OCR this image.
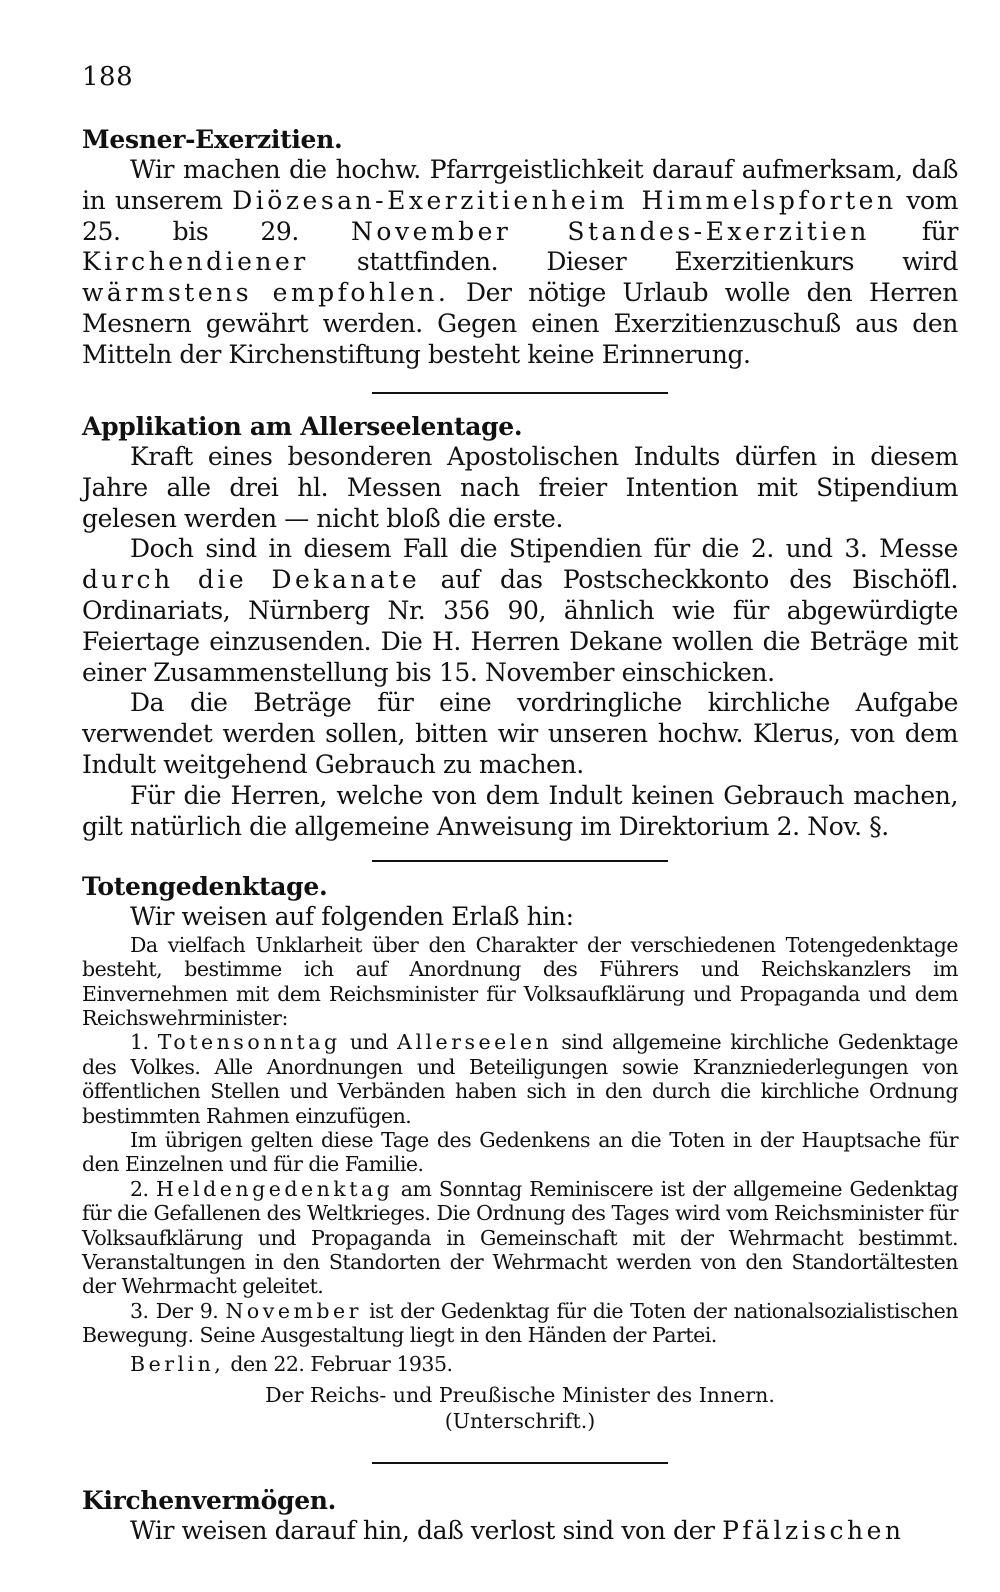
188
Mesner-Exerzitien.

Wir machen die hochw. Pfarrgeistlichkeit darauf aufmerksam, daß in unserem Diözesan-Exerzitienheim Himmelspforten vom 25. bis 29. November Standes-Exerzitien für Kirchendiener stattfinden. Dieser Exerzitienkurs wird wärmstens empfohlen. Der nötige Urlaub wolle den Herren Mesnern gewährt werden. Gegen einen Exerzitienzuschuß aus den Mitteln der Kirchenstiftung besteht keine Erinnerung.

Applikation am Allerseelentage.

Kraft eines besonderen Apostolischen Indults dürfen in diesem Jahre alle drei hl. Messen nach freier Intention mit Stipendium gelesen werden — nicht bloß die erste.

Doch sind in diesem Fall die Stipendien für die 2. und 3. Messe durch die Dekanate auf das Postscheckkonto des Bischöfl. Ordinariats, Nürnberg Nr. 356 90, ähnlich wie für abgewürdigte Feiertage einzusenden. Die H. Herren Dekane wollen die Beträge mit einer Zusammenstellung bis 15. November einschicken.

Da die Beträge für eine vordringliche kirchliche Aufgabe verwendet werden sollen, bitten wir unseren hochw. Klerus, von dem Indult weitgehend Gebrauch zu machen.

Für die Herren, welche von dem Indult keinen Gebrauch machen, gilt natürlich die allgemeine Anweisung im Direktorium 2. Nov. §.

Totengedenktage.

Wir weisen auf folgenden Erlaß hin:

Da vielfach Unklarheit über den Charakter der verschiedenen Totengedenktage besteht, bestimme ich auf Anordnung des Führers und Reichskanzlers im Einvernehmen mit dem Reichsminister für Volksaufklärung und Propaganda und dem Reichswehrminister:

1. Totensonntag und Allerseelen sind allgemeine kirchliche Gedenktage des Volkes. Alle Anordnungen und Beteiligungen sowie Kranzniederlegungen von öffentlichen Stellen und Verbänden haben sich in den durch die kirchliche Ordnung bestimmten Rahmen einzufügen.

Im übrigen gelten diese Tage des Gedenkens an die Toten in der Hauptsache für den Einzelnen und für die Familie.

2. Heldengedenktag am Sonntag Reminiscere ist der allgemeine Gedenktag für die Gefallenen des Weltkrieges. Die Ordnung des Tages wird vom Reichsminister für Volksaufklärung und Propaganda in Gemeinschaft mit der Wehrmacht bestimmt. Veranstaltungen in den Standorten der Wehrmacht werden von den Standortältesten der Wehrmacht geleitet.

3. Der 9. November ist der Gedenktag für die Toten der nationalsozialistischen Bewegung. Seine Ausgestaltung liegt in den Händen der Partei.

Berlin, den 22. Februar 1935.

Der Reichs- und Preußische Minister des Innern.

(Unterschrift.)

Kirchenvermögen.

Wir weisen darauf hin, daß verlost sind von der Pfälzischen
